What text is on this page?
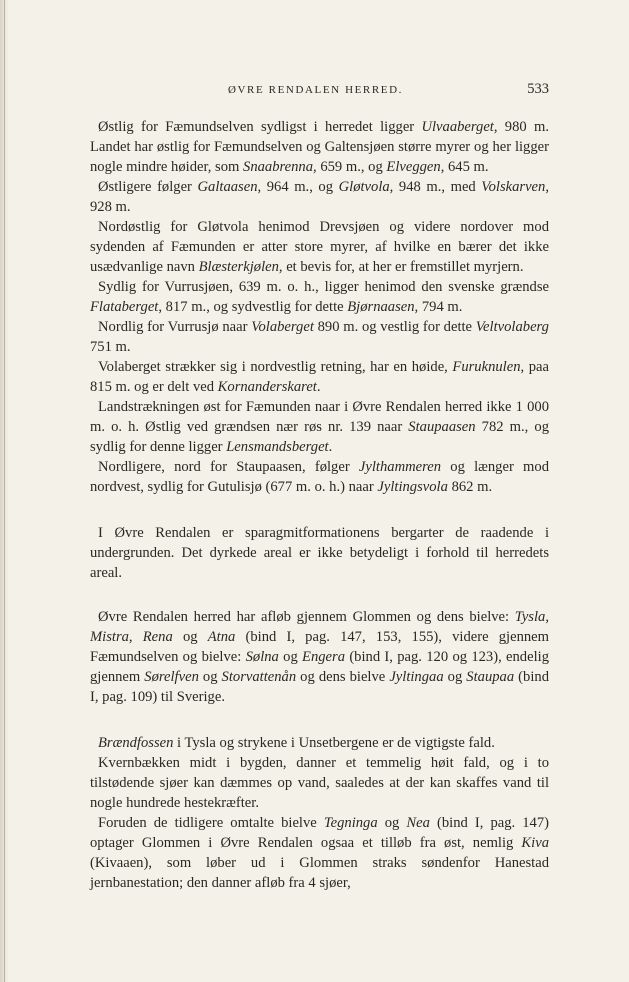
ØVRE RENDALEN HERRED.	533

Østlig for Fæmundselven sydligst i herredet ligger Ulvaaberget, 980 m. Landet har østlig for Fæmundselven og Galtensjøen større myrer og her ligger nogle mindre høider, som Snaabrenna, 659 m., og Elveggen, 645 m.

Østligere følger Galtaasen, 964 m., og Gløtvola, 948 m., med Volskarven, 928 m.

Nordøstlig for Gløtvola henimod Drevsjøen og videre nordover mod sydenden af Fæmunden er atter store myrer, af hvilke en bærer det ikke usædvanlige navn Blæsterkjølen, et bevis for, at her er fremstillet myrjern.

Sydlig for Vurrusjøen, 639 m. o. h., ligger henimod den svenske grændse Flataberget, 817 m., og sydvestlig for dette Bjørnaasen, 794 m.

Nordlig for Vurrusjø naar Volaberget 890 m. og vestlig for dette Veltvolaberg 751 m.

Volaberget strækker sig i nordvestlig retning, har en høide, Furuknulen, paa 815 m. og er delt ved Kornanderskaret.

Landstrækningen øst for Fæmunden naar i Øvre Rendalen herred ikke 1 000 m. o. h. Østlig ved grændsen nær røs nr. 139 naar Staupaasen 782 m., og sydlig for denne ligger Lensmandsberget.

Nordligere, nord for Staupaasen, følger Jylthammeren og længer mod nordvest, sydlig for Gutulisjø (677 m. o. h.) naar Jyltingsvola 862 m.

I Øvre Rendalen er sparagmitformationens bergarter de raadende i undergrunden. Det dyrkede areal er ikke betydeligt i forhold til herredets areal.

Øvre Rendalen herred har afløb gjennem Glommen og dens bielve: Tysla, Mistra, Rena og Atna (bind I, pag. 147, 153, 155), videre gjennem Fæmundselven og bielve: Sølna og Engera (bind I, pag. 120 og 123), endelig gjennem Sørelfven og Storvattenån og dens bielve Jyltingaa og Staupaa (bind I, pag. 109) til Sverige.

Brændfossen i Tysla og strykene i Unsetbergene er de vigtigste fald.

Kvernbækken midt i bygden, danner et temmelig høit fald, og i to tilstødende sjøer kan dæmmes op vand, saaledes at der kan skaffes vand til nogle hundrede hestekræfter.

Foruden de tidligere omtalte bielve Tegninga og Nea (bind I, pag. 147) optager Glommen i Øvre Rendalen ogsaa et tilløb fra øst, nemlig Kiva (Kivaaen), som løber ud i Glommen straks søndenfor Hanestad jernbanestation; den danner afløb fra 4 sjøer,
